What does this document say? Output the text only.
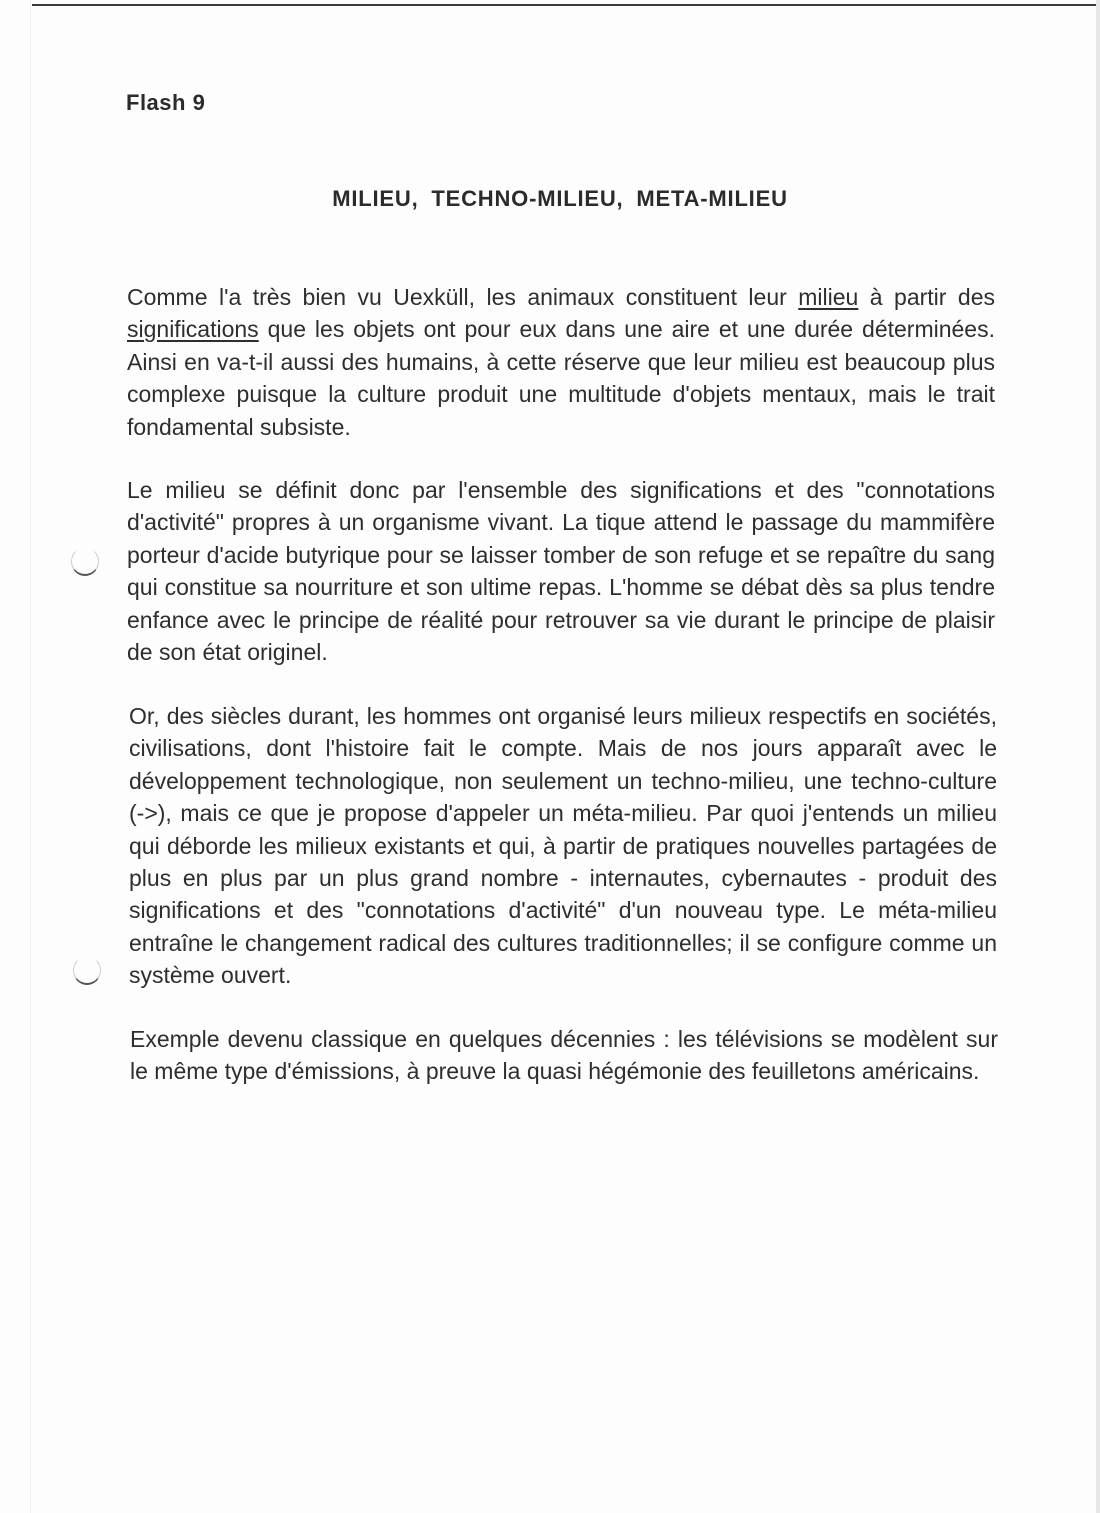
Flash 9
MILIEU, TECHNO-MILIEU, META-MILIEU

Comme l'a très bien vu Uexküll, les animaux constituent leur milieu à partir des significations que les objets ont pour eux dans une aire et une durée déterminées. Ainsi en va-t-il aussi des humains, à cette réserve que leur milieu est beaucoup plus complexe puisque la culture produit une multitude d'objets mentaux, mais le trait fondamental subsiste.

Le milieu se définit donc par l'ensemble des significations et des "connotations d'activité" propres à un organisme vivant. La tique attend le passage du mammifère porteur d'acide butyrique pour se laisser tomber de son refuge et se repaître du sang qui constitue sa nourriture et son ultime repas. L'homme se débat dès sa plus tendre enfance avec le principe de réalité pour retrouver sa vie durant le principe de plaisir de son état originel.

Or, des siècles durant, les hommes ont organisé leurs milieux respectifs en sociétés, civilisations, dont l'histoire fait le compte. Mais de nos jours apparaît avec le développement technologique, non seulement un techno-milieu, une techno-culture (->), mais ce que je propose d'appeler un méta-milieu. Par quoi j'entends un milieu qui déborde les milieux existants et qui, à partir de pratiques nouvelles partagées de plus en plus par un plus grand nombre - internautes, cybernautes - produit des significations et des "connotations d'activité" d'un nouveau type. Le méta-milieu entraîne le changement radical des cultures traditionnelles; il se configure comme un système ouvert.

Exemple devenu classique en quelques décennies : les télévisions se modèlent sur le même type d'émissions, à preuve la quasi hégémonie des feuilletons américains.
